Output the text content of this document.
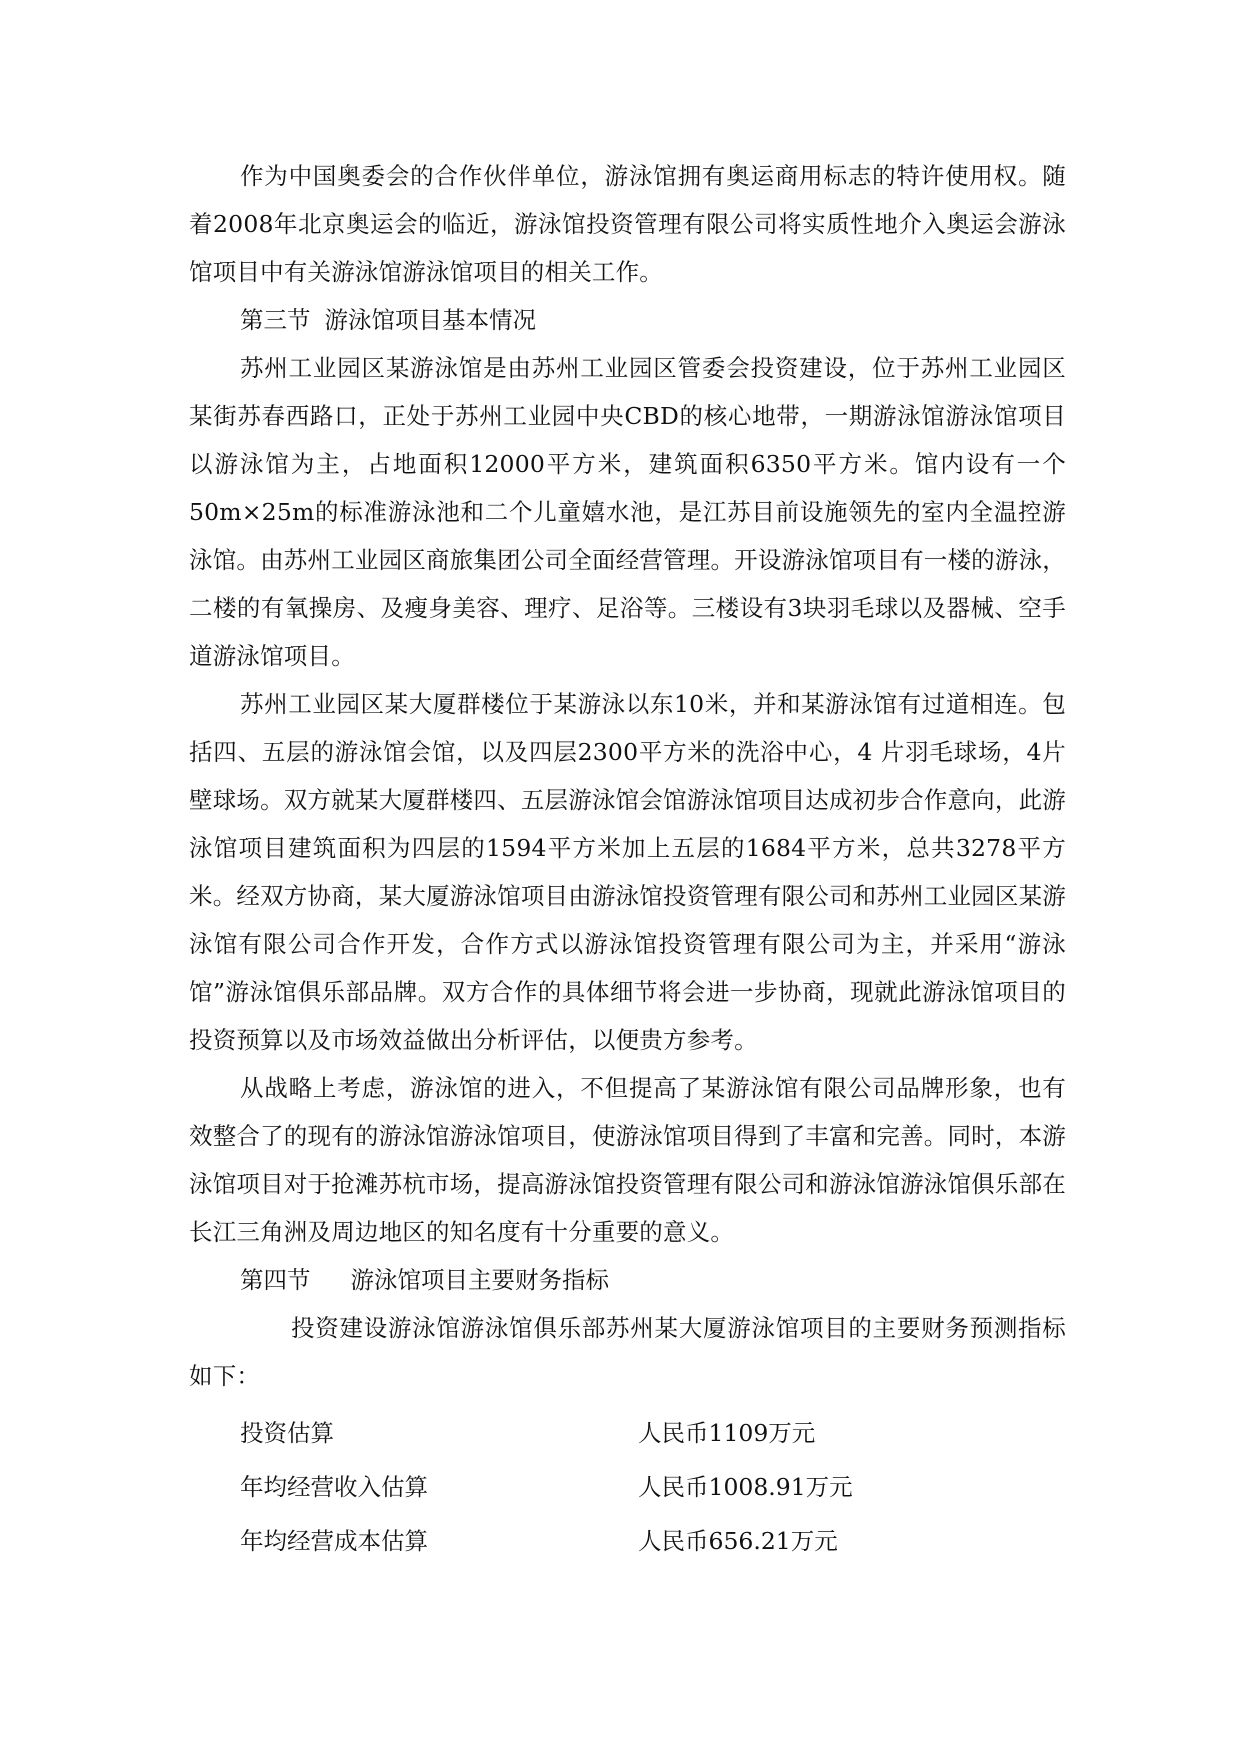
作为中国奥委会的合作伙伴单位，游泳馆拥有奥运商用标志的特许使用权。随着2008年北京奥运会的临近，游泳馆投资管理有限公司将实质性地介入奥运会游泳馆项目中有关游泳馆游泳馆项目的相关工作。

第三节 游泳馆项目基本情况

苏州工业园区某游泳馆是由苏州工业园区管委会投资建设，位于苏州工业园区某街苏春西路口，正处于苏州工业园中央CBD的核心地带，一期游泳馆游泳馆项目以游泳馆为主，占地面积12000平方米，建筑面积6350平方米。馆内设有一个50m×25m的标准游泳池和二个儿童嬉水池，是江苏目前设施领先的室内全温控游泳馆。由苏州工业园区商旅集团公司全面经营管理。开设游泳馆项目有一楼的游泳，二楼的有氧操房、及瘦身美容、理疗、足浴等。三楼设有3块羽毛球以及器械、空手道游泳馆项目。

苏州工业园区某大厦群楼位于某游泳以东10米，并和某游泳馆有过道相连。包括四、五层的游泳馆会馆，以及四层2300平方米的洗浴中心，4 片羽毛球场，4片壁球场。双方就某大厦群楼四、五层游泳馆会馆游泳馆项目达成初步合作意向，此游泳馆项目建筑面积为四层的1594平方米加上五层的1684平方米，总共3278平方米。经双方协商，某大厦游泳馆项目由游泳馆投资管理有限公司和苏州工业园区某游泳馆有限公司合作开发，合作方式以游泳馆投资管理有限公司为主，并采用“游泳馆”游泳馆俱乐部品牌。双方合作的具体细节将会进一步协商，现就此游泳馆项目的投资预算以及市场效益做出分析评估，以便贵方参考。

从战略上考虑，游泳馆的进入，不但提高了某游泳馆有限公司品牌形象，也有效整合了的现有的游泳馆游泳馆项目，使游泳馆项目得到了丰富和完善。同时，本游泳馆项目对于抢滩苏杭市场，提高游泳馆投资管理有限公司和游泳馆游泳馆俱乐部在长江三角洲及周边地区的知名度有十分重要的意义。

第四节 游泳馆项目主要财务指标

投资建设游泳馆游泳馆俱乐部苏州某大厦游泳馆项目的主要财务预测指标如下：

投资估算	人民币1109万元
年均经营收入估算	人民币1008.91万元
年均经营成本估算	人民币656.21万元
